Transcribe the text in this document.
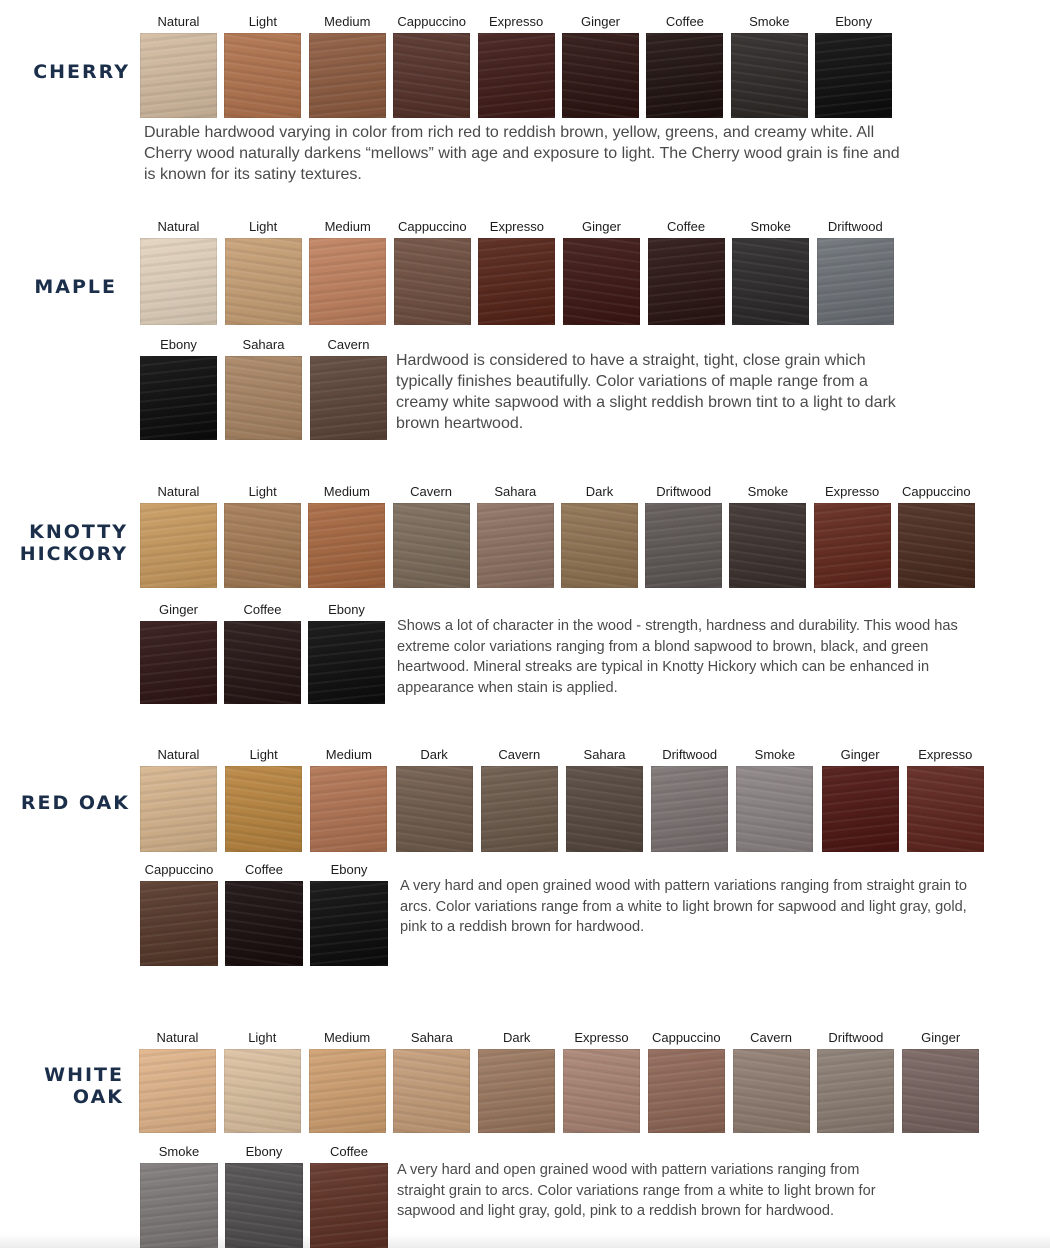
CHERRY

Durable hardwood varying in color from rich red to reddish brown, yellow, greens, and creamy white. All Cherry wood naturally darkens “mellows” with age and exposure to light. The Cherry wood grain is fine and is known for its satiny textures.

MAPLE

Hardwood is considered to have a straight, tight, close grain which typically finishes beautifully. Color variations of maple range from a creamy white sapwood with a slight reddish brown tint to a light to dark brown heartwood.

KNOTTY
HICKORY

Shows a lot of character in the wood - strength, hardness and durability. This wood has extreme color variations ranging from a blond sapwood to brown, black, and green heartwood. Mineral streaks are typical in Knotty Hickory which can be enhanced in appearance when stain is applied.

RED OAK

A very hard and open grained wood with pattern variations ranging from straight grain to arcs. Color variations range from a white to light brown for sapwood and light gray, gold, pink to a reddish brown for hardwood.

WHITE
OAK

A very hard and open grained wood with pattern variations ranging from straight grain to arcs. Color variations range from a white to light brown for sapwood and light gray, gold, pink to a reddish brown for hardwood.

Natural	Light	Medium	Cappuccino	Expresso	Ginger	Coffee	Smoke	Ebony
Natural	Light	Medium	Cappuccino	Expresso	Ginger	Coffee	Smoke	Driftwood
Ebony	Sahara	Cavern
Natural	Light	Medium	Cavern	Sahara	Dark	Driftwood	Smoke	Expresso	Cappuccino
Ginger	Coffee	Ebony
Natural	Light	Medium	Dark	Cavern	Sahara	Driftwood	Smoke	Ginger	Expresso
Cappuccino	Coffee	Ebony
Natural	Light	Medium	Sahara	Dark	Expresso	Cappuccino	Cavern	Driftwood	Ginger
Smoke	Ebony	Coffee
